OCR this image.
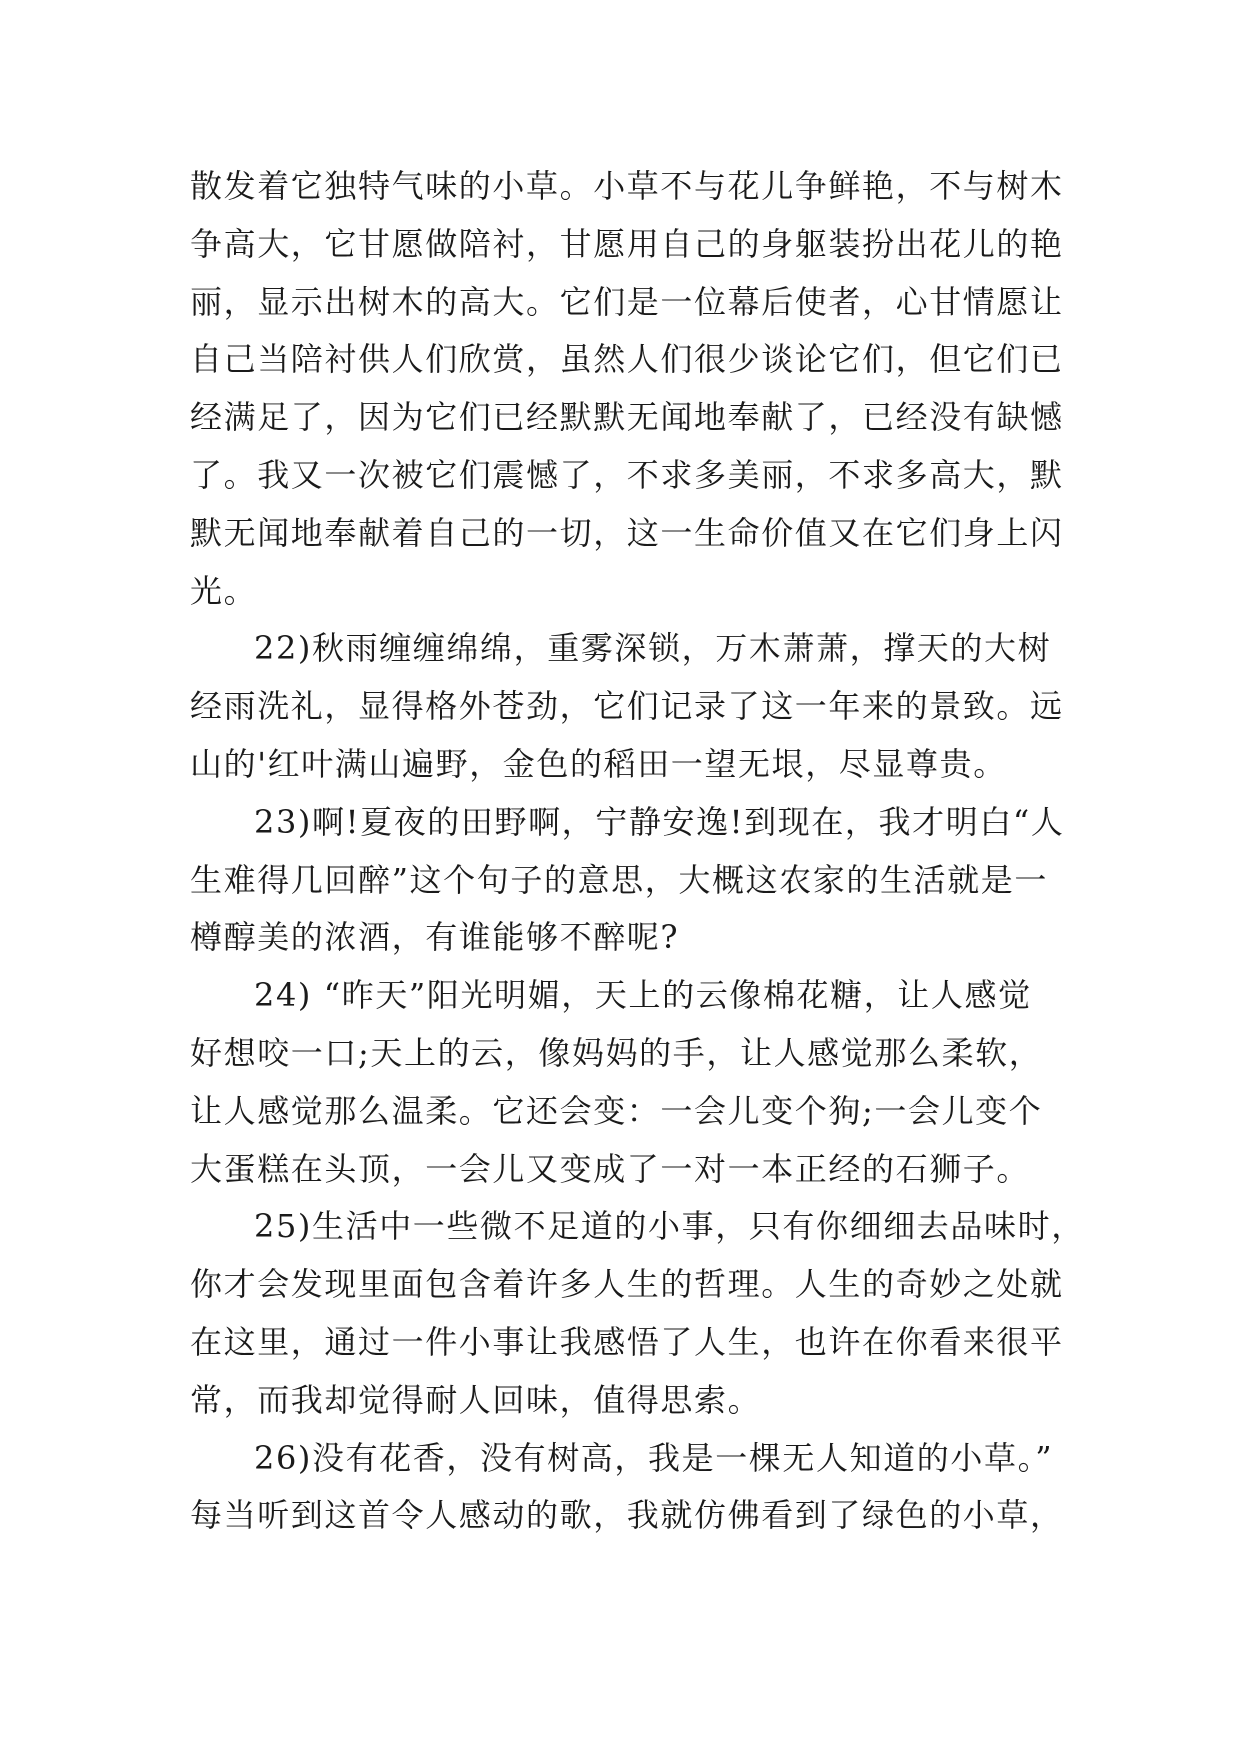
散发着它独特气味的小草。小草不与花儿争鲜艳，不与树木
争高大，它甘愿做陪衬，甘愿用自己的身躯装扮出花儿的艳
丽，显示出树木的高大。它们是一位幕后使者，心甘情愿让
自己当陪衬供人们欣赏，虽然人们很少谈论它们，但它们已
经满足了，因为它们已经默默无闻地奉献了，已经没有缺憾
了。我又一次被它们震憾了，不求多美丽，不求多高大，默
默无闻地奉献着自己的一切，这一生命价值又在它们身上闪
光。

22)秋雨缠缠绵绵，重雾深锁，万木萧萧，撑天的大树
经雨洗礼，显得格外苍劲，它们记录了这一年来的景致。远
山的'红叶满山遍野，金色的稻田一望无垠，尽显尊贵。

23)啊!夏夜的田野啊，宁静安逸!到现在，我才明白“人
生难得几回醉”这个句子的意思，大概这农家的生活就是一
樽醇美的浓酒，有谁能够不醉呢?

24) “昨天”阳光明媚，天上的云像棉花糖，让人感觉
好想咬一口;天上的云，像妈妈的手，让人感觉那么柔软，
让人感觉那么温柔。它还会变：一会儿变个狗;一会儿变个
大蛋糕在头顶，一会儿又变成了一对一本正经的石狮子。

25)生活中一些微不足道的小事，只有你细细去品味时，
你才会发现里面包含着许多人生的哲理。人生的奇妙之处就
在这里，通过一件小事让我感悟了人生，也许在你看来很平
常，而我却觉得耐人回味，值得思索。

26)没有花香，没有树高，我是一棵无人知道的小草。”
每当听到这首令人感动的歌，我就仿佛看到了绿色的小草，
